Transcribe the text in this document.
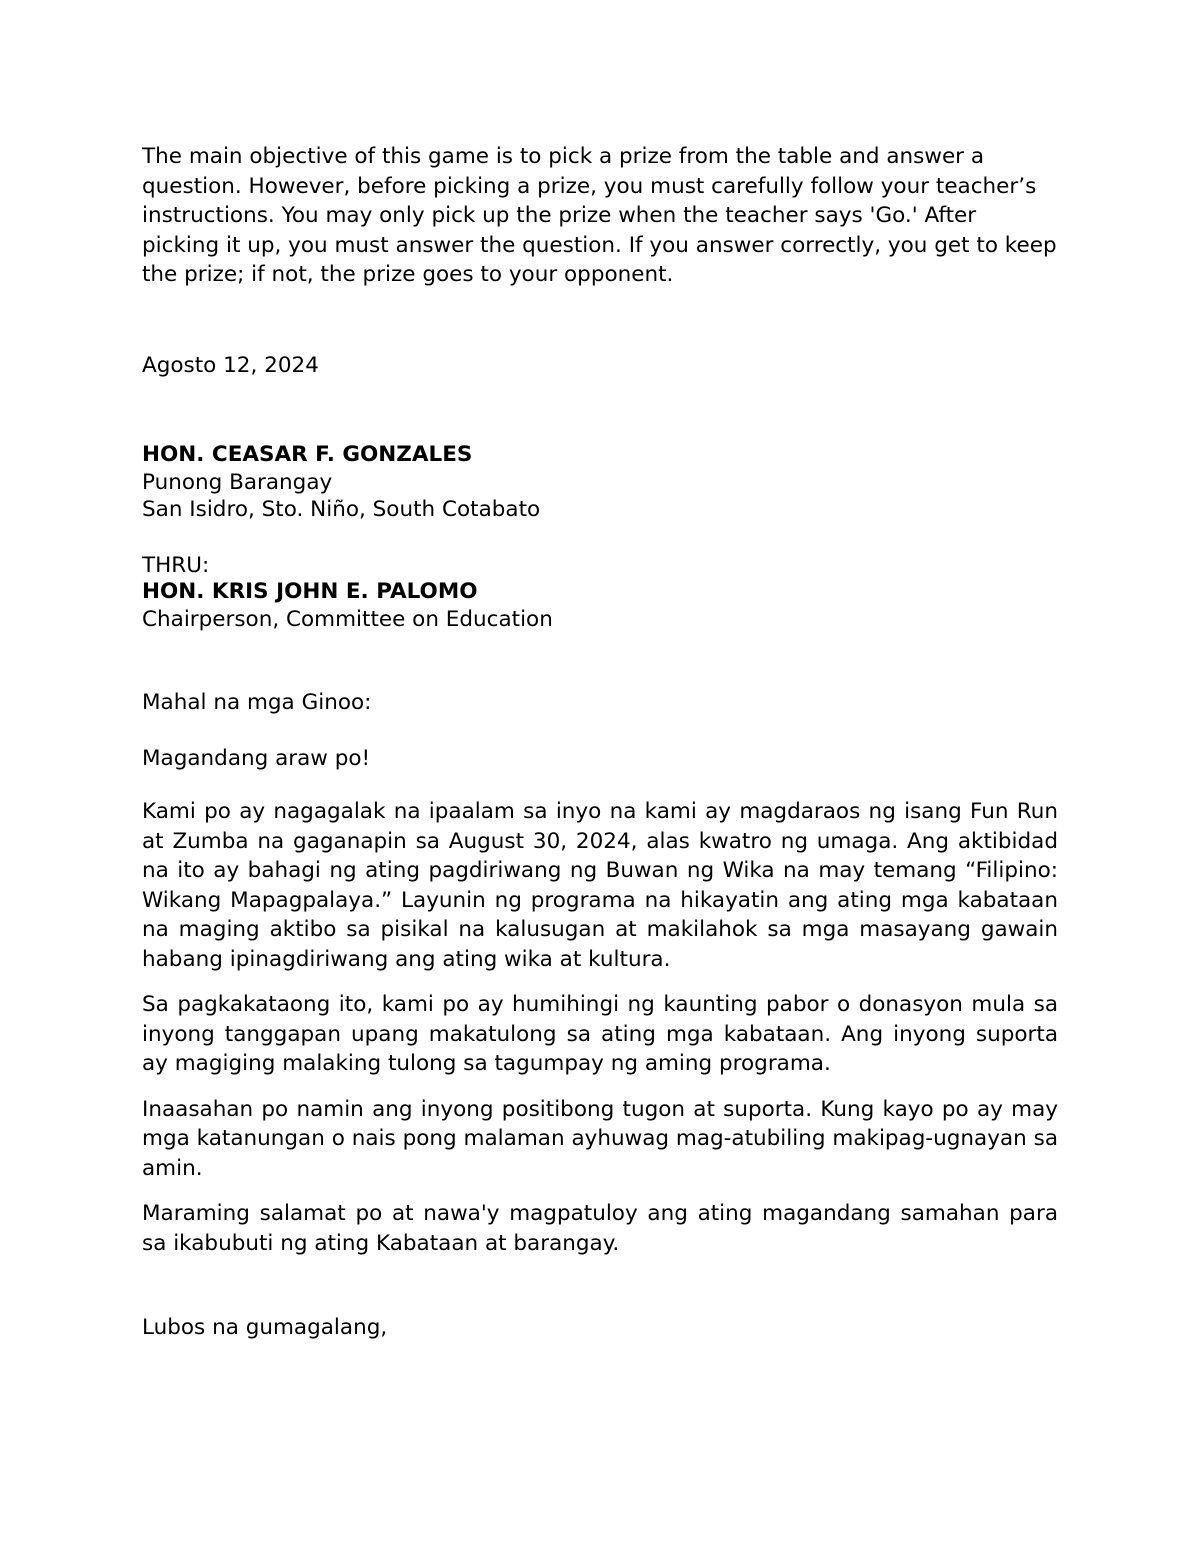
The main objective of this game is to pick a prize from the table and answer a question. However, before picking a prize, you must carefully follow your teacher’s instructions. You may only pick up the prize when the teacher says 'Go.' After picking it up, you must answer the question. If you answer correctly, you get to keep the prize; if not, the prize goes to your opponent.

Agosto 12, 2024

HON. CEASAR F. GONZALES
Punong Barangay
San Isidro, Sto. Niño, South Cotabato
THRU:
HON. KRIS JOHN E. PALOMO
Chairperson, Committee on Education

Mahal na mga Ginoo:

Magandang araw po!

Kami po ay nagagalak na ipaalam sa inyo na kami ay magdaraos ng isang Fun Run at Zumba na gaganapin sa August 30, 2024, alas kwatro ng umaga. Ang aktibidad na ito ay bahagi ng ating pagdiriwang ng Buwan ng Wika na may temang “Filipino: Wikang Mapagpalaya.” Layunin ng programa na hikayatin ang ating mga kabataan na maging aktibo sa pisikal na kalusugan at makilahok sa mga masayang gawain habang ipinagdiriwang ang ating wika at kultura.

Sa pagkakataong ito, kami po ay humihingi ng kaunting pabor o donasyon mula sa inyong tanggapan upang makatulong sa ating mga kabataan. Ang inyong suporta ay magiging malaking tulong sa tagumpay ng aming programa.

Inaasahan po namin ang inyong positibong tugon at suporta. Kung kayo po ay may mga katanungan o nais pong malaman ayhuwag mag-atubiling makipag-ugnayan sa amin.

Maraming salamat po at nawa'y magpatuloy ang ating magandang samahan para sa ikabubuti ng ating Kabataan at barangay.

Lubos na gumagalang,
